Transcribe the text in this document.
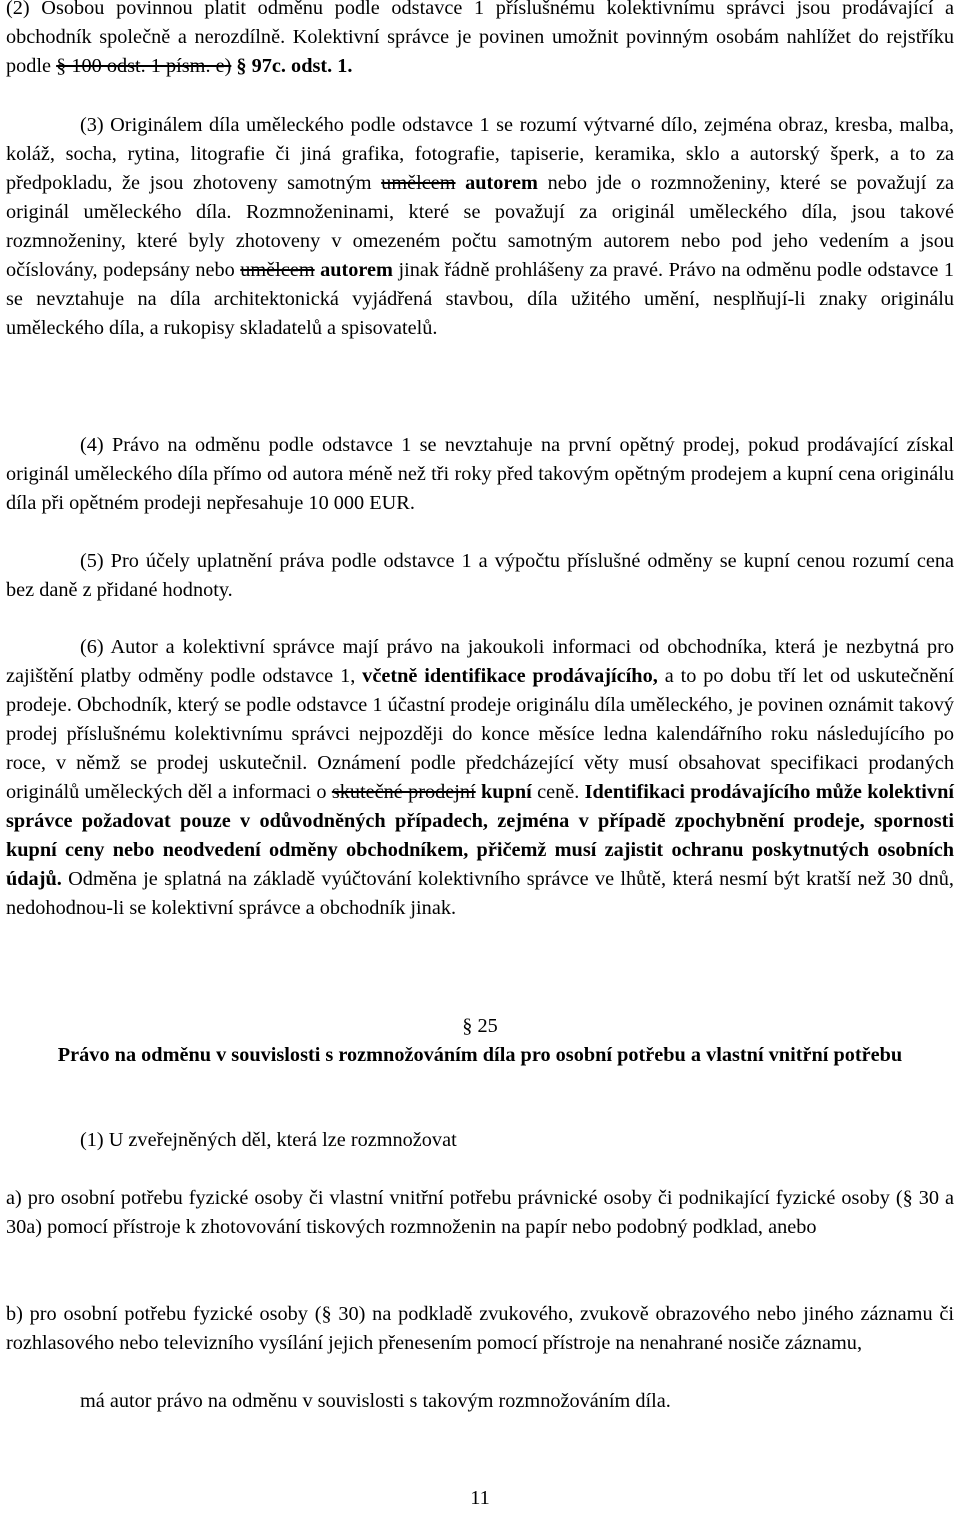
(2) Osobou povinnou platit odměnu podle odstavce 1 příslušnému kolektivnímu správci jsou prodávající a obchodník společně a nerozdílně. Kolektivní správce je povinen umožnit povinným osobám nahlížet do rejstříku podle § 100 odst. 1 písm. e) § 97c. odst. 1.

(3) Originálem díla uměleckého podle odstavce 1 se rozumí výtvarné dílo, zejména obraz, kresba, malba, koláž, socha, rytina, litografie či jiná grafika, fotografie, tapiserie, keramika, sklo a autorský šperk, a to za předpokladu, že jsou zhotoveny samotným umělcem autorem nebo jde o rozmnoženiny, které se považují za originál uměleckého díla. Rozmnoženinami, které se považují za originál uměleckého díla, jsou takové rozmnoženiny, které byly zhotoveny v omezeném počtu samotným autorem nebo pod jeho vedením a jsou očíslovány, podepsány nebo umělcem autorem jinak řádně prohlášeny za pravé. Právo na odměnu podle odstavce 1 se nevztahuje na díla architektonická vyjádřená stavbou, díla užitého umění, nesplňují-li znaky originálu uměleckého díla, a rukopisy skladatelů a spisovatelů.

(4) Právo na odměnu podle odstavce 1 se nevztahuje na první opětný prodej, pokud prodávající získal originál uměleckého díla přímo od autora méně než tři roky před takovým opětným prodejem a kupní cena originálu díla při opětném prodeji nepřesahuje 10 000 EUR.

(5) Pro účely uplatnění práva podle odstavce 1 a výpočtu příslušné odměny se kupní cenou rozumí cena bez daně z přidané hodnoty.

(6) Autor a kolektivní správce mají právo na jakoukoli informaci od obchodníka, která je nezbytná pro zajištění platby odměny podle odstavce 1, včetně identifikace prodávajícího, a to po dobu tří let od uskutečnění prodeje. Obchodník, který se podle odstavce 1 účastní prodeje originálu díla uměleckého, je povinen oznámit takový prodej příslušnému kolektivnímu správci nejpozději do konce měsíce ledna kalendářního roku následujícího po roce, v němž se prodej uskutečnil. Oznámení podle předcházející věty musí obsahovat specifikaci prodaných originálů uměleckých děl a informaci o skutečné prodejní kupní ceně. Identifikaci prodávajícího může kolektivní správce požadovat pouze v odůvodněných případech, zejména v případě zpochybnění prodeje, spornosti kupní ceny nebo neodvedení odměny obchodníkem, přičemž musí zajistit ochranu poskytnutých osobních údajů. Odměna je splatná na základě vyúčtování kolektivního správce ve lhůtě, která nesmí být kratší než 30 dnů, nedohodnou-li se kolektivní správce a obchodník jinak.

§ 25

Právo na odměnu v souvislosti s rozmnožováním díla pro osobní potřebu a vlastní vnitřní potřebu

(1) U zveřejněných děl, která lze rozmnožovat

a) pro osobní potřebu fyzické osoby či vlastní vnitřní potřebu právnické osoby či podnikající fyzické osoby (§ 30 a 30a) pomocí přístroje k zhotovování tiskových rozmnoženin na papír nebo podobný podklad, anebo

b) pro osobní potřebu fyzické osoby (§ 30) na podkladě zvukového, zvukově obrazového nebo jiného záznamu či rozhlasového nebo televizního vysílání jejich přenesením pomocí přístroje na nenahrané nosiče záznamu,

má autor právo na odměnu v souvislosti s takovým rozmnožováním díla.

11
